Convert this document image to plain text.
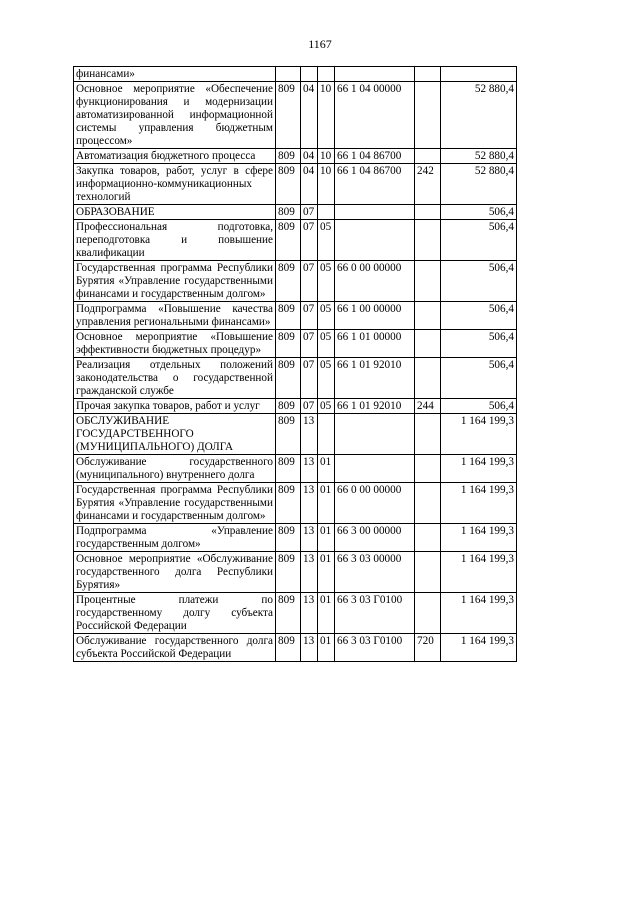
1167
финансами»						
Основное мероприятие «Обеспечение функционирования и модернизации автоматизированной информационной системы управления бюджетным процессом»	809	04	10	66 1 04 00000		52 880,4
Автоматизация бюджетного процесса	809	04	10	66 1 04 86700		52 880,4
Закупка товаров, работ, услуг в сфере информационно-коммуникационных технологий	809	04	10	66 1 04 86700	242	52 880,4
ОБРАЗОВАНИЕ	809	07				506,4
Профессиональная подготовка, переподготовка и повышение квалификации	809	07	05			506,4
Государственная программа Республики Бурятия «Управление государственными финансами и государственным долгом»	809	07	05	66 0 00 00000		506,4
Подпрограмма «Повышение качества управления региональными финансами»	809	07	05	66 1 00 00000		506,4
Основное мероприятие «Повышение эффективности бюджетных процедур»	809	07	05	66 1 01 00000		506,4
Реализация отдельных положений законодательства о государственной гражданской службе	809	07	05	66 1 01 92010		506,4
Прочая закупка товаров, работ и услуг	809	07	05	66 1 01 92010	244	506,4
ОБСЛУЖИВАНИЕ ГОСУДАРСТВЕННОГО (МУНИЦИПАЛЬНОГО) ДОЛГА	809	13				1 164 199,3
Обслуживание государственного (муниципального) внутреннего долга	809	13	01			1 164 199,3
Государственная программа Республики Бурятия «Управление государственными финансами и государственным долгом»	809	13	01	66 0 00 00000		1 164 199,3
Подпрограмма «Управление государственным долгом»	809	13	01	66 3 00 00000		1 164 199,3
Основное мероприятие «Обслуживание государственного долга Республики Бурятия»	809	13	01	66 3 03 00000		1 164 199,3
Процентные платежи по государственному долгу субъекта Российской Федерации	809	13	01	66 3 03 Г0100		1 164 199,3
Обслуживание государственного долга субъекта Российской Федерации	809	13	01	66 3 03 Г0100	720	1 164 199,3
